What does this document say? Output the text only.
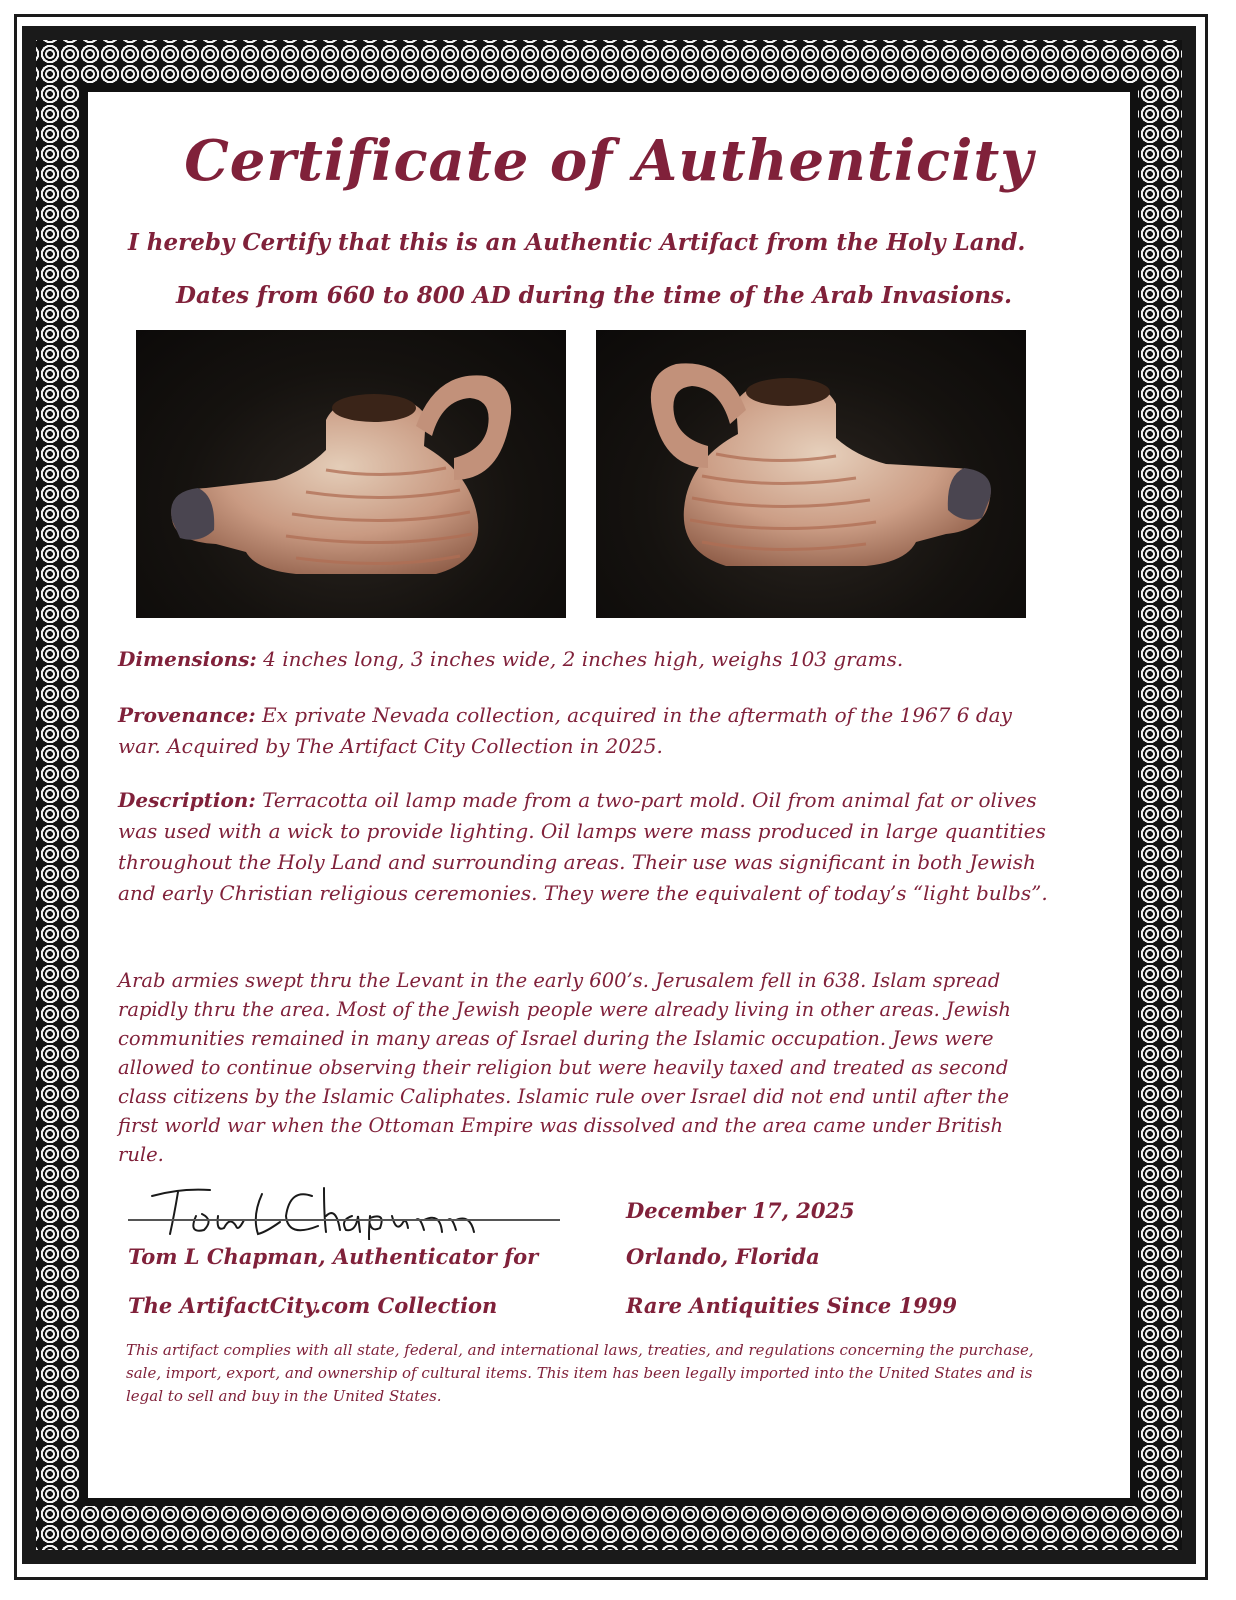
Certificate of Authenticity

I hereby Certify that this is an Authentic Artifact from the Holy Land.

Dates from 660 to 800 AD during the time of the Arab Invasions.

Dimensions: 4 inches long, 3 inches wide, 2 inches high, weighs 103 grams.

Provenance: Ex private Nevada collection, acquired in the aftermath of the 1967 6 day war. Acquired by The Artifact City Collection in 2025.

Description: Terracotta oil lamp made from a two-part mold. Oil from animal fat or olives was used with a wick to provide lighting. Oil lamps were mass produced in large quantities throughout the Holy Land and surrounding areas. Their use was significant in both Jewish and early Christian religious ceremonies. They were the equivalent of today’s “light bulbs”.

Arab armies swept thru the Levant in the early 600’s. Jerusalem fell in 638. Islam spread rapidly thru the area. Most of the Jewish people were already living in other areas. Jewish communities remained in many areas of Israel during the Islamic occupation. Jews were allowed to continue observing their religion but were heavily taxed and treated as second class citizens by the Islamic Caliphates. Islamic rule over Israel did not end until after the first world war when the Ottoman Empire was dissolved and the area came under British rule.

Tom L Chapman, Authenticator for

The ArtifactCity.com Collection

December 17, 2025

Orlando, Florida

Rare Antiquities Since 1999

This artifact complies with all state, federal, and international laws, treaties, and regulations concerning the purchase, sale, import, export, and ownership of cultural items. This item has been legally imported into the United States and is legal to sell and buy in the United States.
